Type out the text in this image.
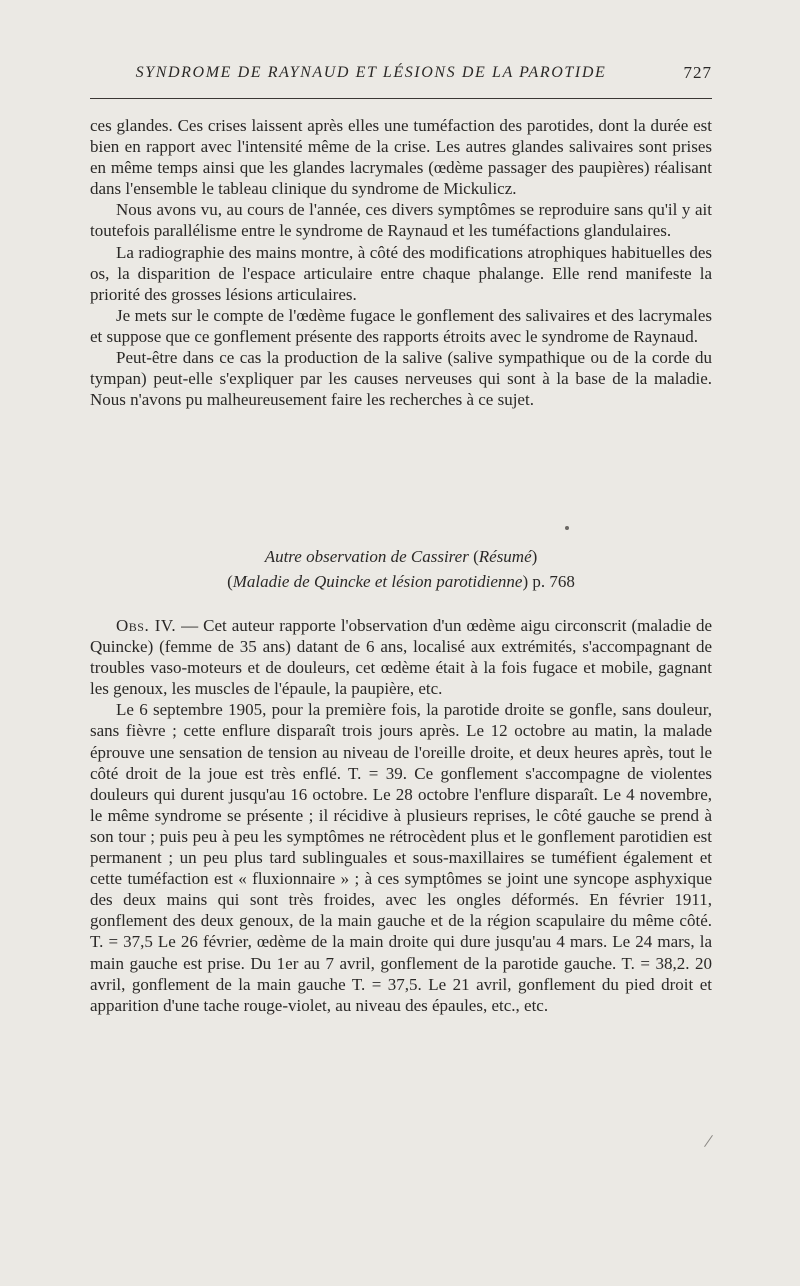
SYNDROME DE RAYNAUD ET LÉSIONS DE LA PAROTIDE	727

ces glandes. Ces crises laissent après elles une tuméfaction des parotides, dont la durée est bien en rapport avec l'intensité même de la crise. Les autres glandes salivaires sont prises en même temps ainsi que les glandes lacrymales (œdème passager des paupières) réalisant dans l'ensemble le tableau clinique du syndrome de Mickulicz.

Nous avons vu, au cours de l'année, ces divers symptômes se reproduire sans qu'il y ait toutefois parallélisme entre le syndrome de Raynaud et les tuméfactions glandulaires.

La radiographie des mains montre, à côté des modifications atrophiques habituelles des os, la disparition de l'espace articulaire entre chaque phalange. Elle rend manifeste la priorité des grosses lésions articulaires.

Je mets sur le compte de l'œdème fugace le gonflement des salivaires et des lacrymales et suppose que ce gonflement présente des rapports étroits avec le syndrome de Raynaud.

Peut-être dans ce cas la production de la salive (salive sympathique ou de la corde du tympan) peut-elle s'expliquer par les causes nerveuses qui sont à la base de la maladie. Nous n'avons pu malheureusement faire les recherches à ce sujet.

Autre observation de Cassirer (Résumé)
(Maladie de Quincke et lésion parotidienne) p. 768

Obs. IV. — Cet auteur rapporte l'observation d'un œdème aigu circonscrit (maladie de Quincke) (femme de 35 ans) datant de 6 ans, localisé aux extrémités, s'accompagnant de troubles vaso-moteurs et de douleurs, cet œdème était à la fois fugace et mobile, gagnant les genoux, les muscles de l'épaule, la paupière, etc.

Le 6 septembre 1905, pour la première fois, la parotide droite se gonfle, sans douleur, sans fièvre ; cette enflure disparaît trois jours après. Le 12 octobre au matin, la malade éprouve une sensation de tension au niveau de l'oreille droite, et deux heures après, tout le côté droit de la joue est très enflé. T. = 39. Ce gonflement s'accompagne de violentes douleurs qui durent jusqu'au 16 octobre. Le 28 octobre l'enflure disparaît. Le 4 novembre, le même syndrome se présente ; il récidive à plusieurs reprises, le côté gauche se prend à son tour ; puis peu à peu les symptômes ne rétrocèdent plus et le gonflement parotidien est permanent ; un peu plus tard sublinguales et sous-maxillaires se tuméfient également et cette tuméfaction est « fluxionnaire » ; à ces symptômes se joint une syncope asphyxique des deux mains qui sont très froides, avec les ongles déformés. En février 1911, gonflement des deux genoux, de la main gauche et de la région scapulaire du même côté. T. = 37,5 Le 26 février, œdème de la main droite qui dure jusqu'au 4 mars. Le 24 mars, la main gauche est prise. Du 1er au 7 avril, gonflement de la parotide gauche. T. = 38,2. 20 avril, gonflement de la main gauche T. = 37,5. Le 21 avril, gonflement du pied droit et apparition d'une tache rouge-violet, au niveau des épaules, etc., etc.
